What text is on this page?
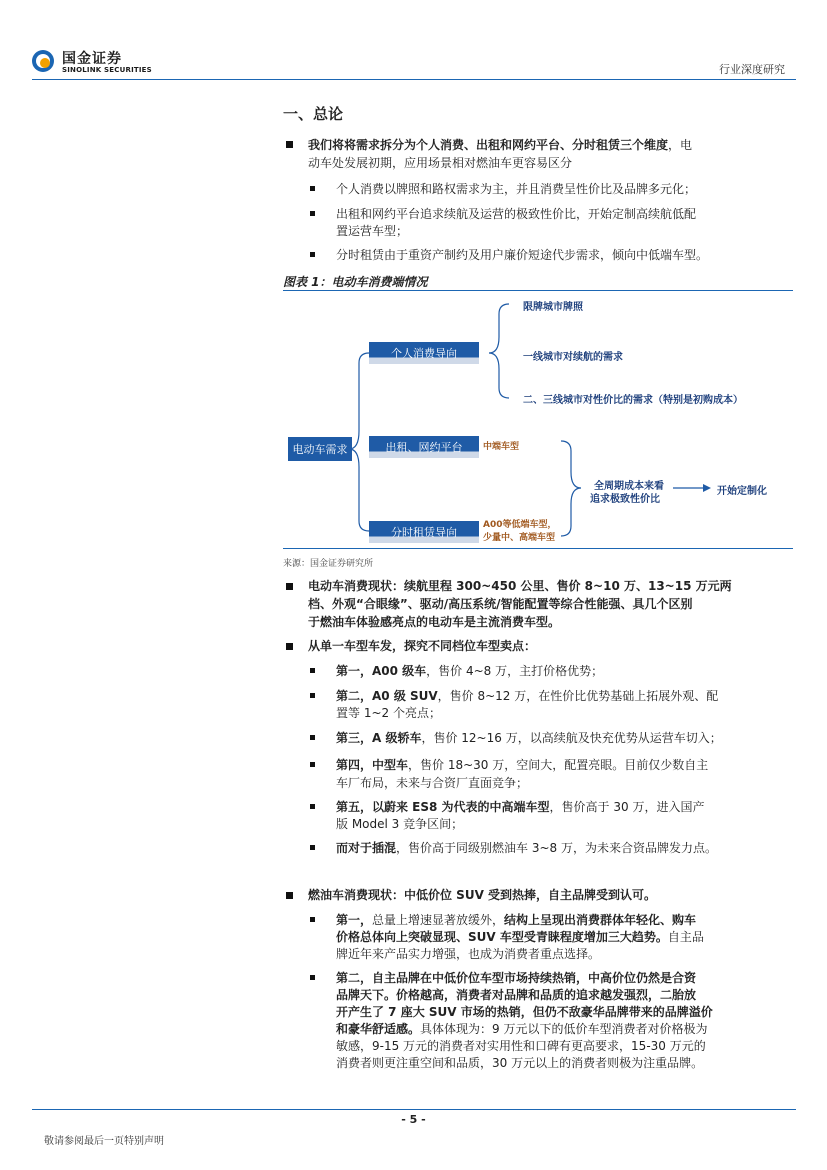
国金证券
SINOLINK SECURITIES	行业深度研究
一、总论
我们将将需求拆分为个人消费、出租和网约平台、分时租赁三个维度，电
动车处发展初期，应用场景相对燃油车更容易区分
个人消费以牌照和路权需求为主，并且消费呈性价比及品牌多元化；
出租和网约平台追求续航及运营的极致性价比，开始定制高续航低配
置运营车型；
分时租赁由于重资产制约及用户廉价短途代步需求，倾向中低端车型。
图表 1：电动车消费端情况
电动车需求
个人消费导向
出租、网约平台
分时租赁导向
限牌城市牌照
一线城市对续航的需求
二、三线城市对性价比的需求（特别是初购成本）
中端车型
A00等低端车型，
少量中、高端车型
全周期成本来看
追求极致性价比
开始定制化
来源：国金证券研究所
电动车消费现状：续航里程 300~450 公里、售价 8~10 万、13~15 万元两
档、外观“合眼缘”、驱动/高压系统/智能配置等综合性能强、具几个区别
于燃油车体验感亮点的电动车是主流消费车型。
从单一车型车发，探究不同档位车型卖点：
第一，A00 级车，售价 4~8 万，主打价格优势；
第二，A0 级 SUV，售价 8~12 万，在性价比优势基础上拓展外观、配
置等 1~2 个亮点；
第三，A 级轿车，售价 12~16 万，以高续航及快充优势从运营车切入；
第四，中型车，售价 18~30 万，空间大，配置亮眼。目前仅少数自主
车厂布局，未来与合资厂直面竞争；
第五，以蔚来 ES8 为代表的中高端车型，售价高于 30 万，进入国产
版 Model 3 竞争区间；
而对于插混，售价高于同级别燃油车 3~8 万，为未来合资品牌发力点。
燃油车消费现状：中低价位 SUV 受到热捧，自主品牌受到认可。
第一，总量上增速显著放缓外，结构上呈现出消费群体年轻化、购车
价格总体向上突破显现、SUV 车型受青睐程度增加三大趋势。自主品
牌近年来产品实力增强，也成为消费者重点选择。
第二，自主品牌在中低价位车型市场持续热销，中高价位仍然是合资
品牌天下。价格越高，消费者对品牌和品质的追求越发强烈，二胎放
开产生了 7 座大 SUV 市场的热销，但仍不敌豪华品牌带来的品牌溢价
和豪华舒适感。具体体现为：9 万元以下的低价车型消费者对价格极为
敏感，9-15 万元的消费者对实用性和口碑有更高要求，15-30 万元的
消费者则更注重空间和品质，30 万元以上的消费者则极为注重品牌。
- 5 -
敬请参阅最后一页特别声明
